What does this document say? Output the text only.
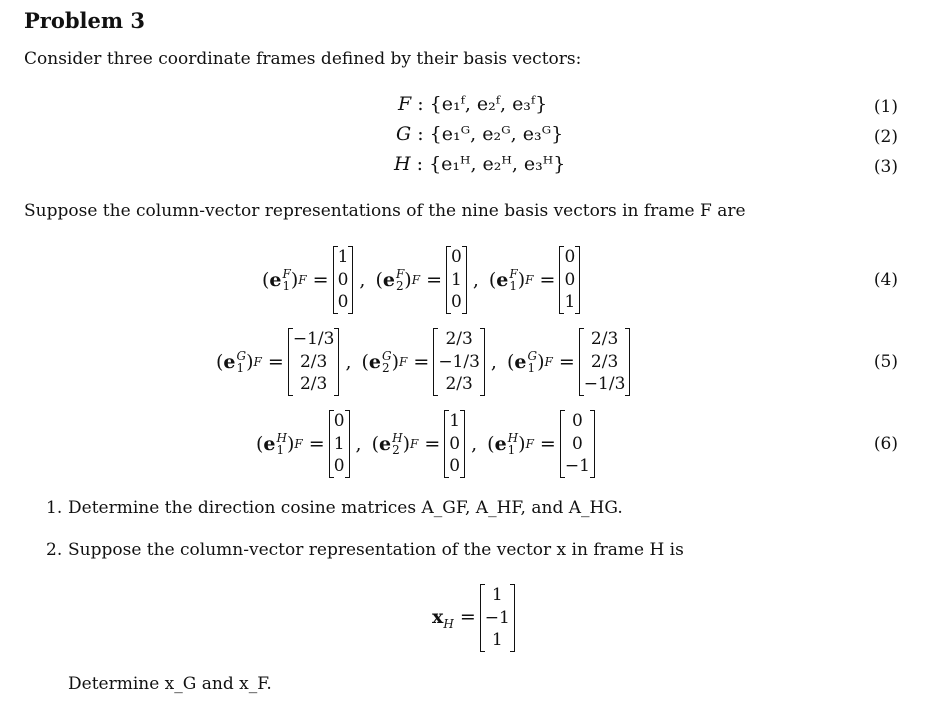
Problem 3
Consider three coordinate frames defined by their basis vectors:
F : {e₁ᶠ, e₂ᶠ, e₃ᶠ}	(1)
G : {e₁ᴳ, e₂ᴳ, e₃ᴳ}	(2)
H : {e₁ᴴ, e₂ᴴ, e₃ᴴ}	(3)
Suppose the column-vector representations of the nine basis vectors in frame F are
( e F
1 ) F =
1
0
0
, ( e F
2 ) F =
0
1
0
, ( e F
1 ) F =
0
0
1
(4)
( e G
1 ) F =
−1/3
2/3
2/3
, ( e G
2 ) F =
2/3
−1/3
2/3
, ( e G
1 ) F =
2/3
2/3
−1/3
(5)
( e H
1 ) F =
0
1
0
, ( e H
2 ) F =
1
0
0
, ( e H
1 ) F =
0
0
−1
(6)
1. Determine the direction cosine matrices A_GF, A_HF, and A_HG.
2. Suppose the column-vector representation of the vector x in frame H is
$x_H$ =
1
−1
1
Determine x_G and x_F.
